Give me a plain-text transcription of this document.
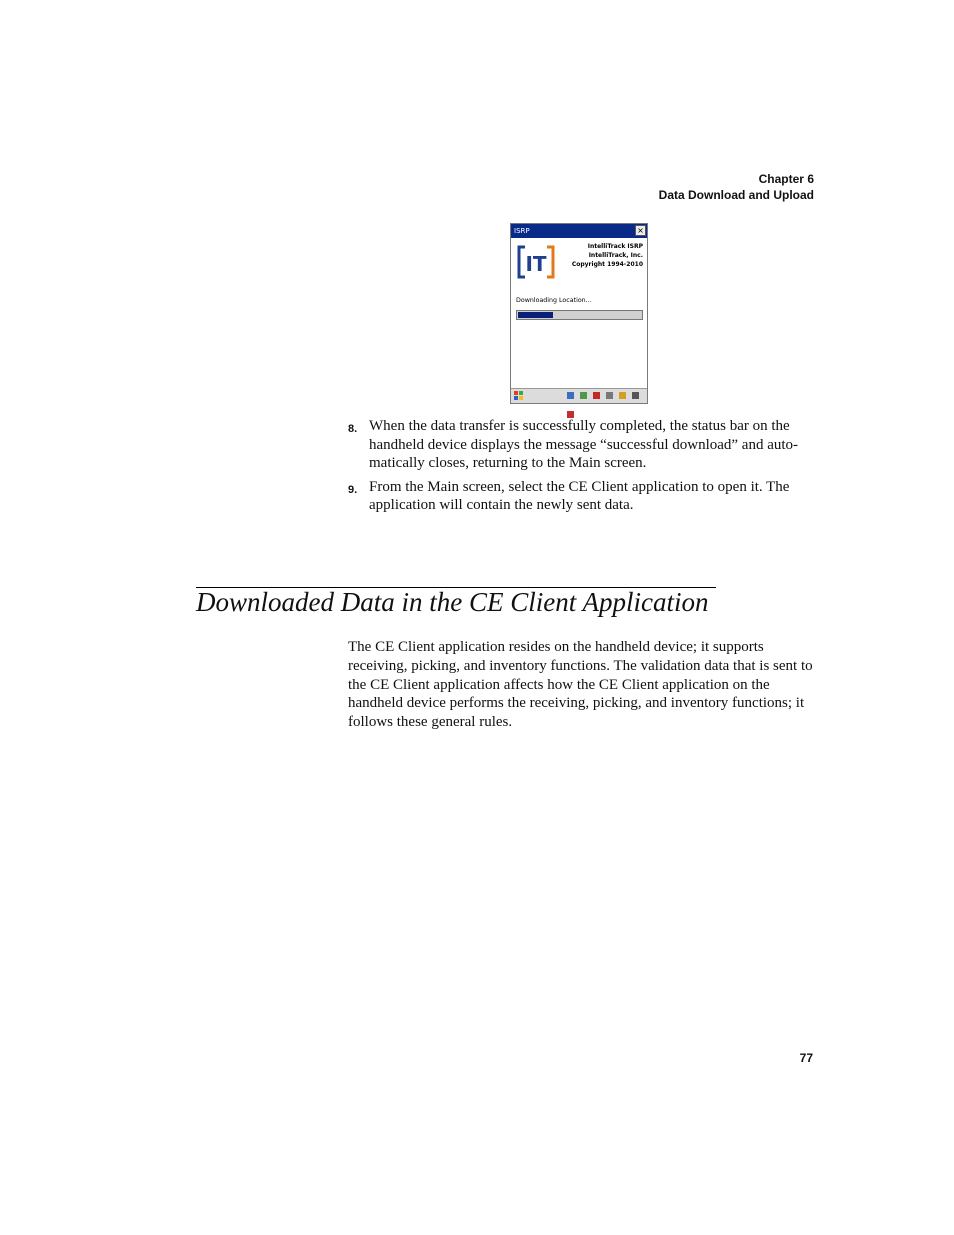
Chapter 6
Data Download and Upload
ISRP	×
IT
IntelliTrack ISRP
IntelliTrack, Inc.
Copyright 1994-2010
Downloading Location...

8. When the data transfer is successfully completed, the status bar on the handheld device displays the message “successful download” and auto-matically closes, returning to the Main screen.
9. From the Main screen, select the CE Client application to open it. The application will contain the newly sent data.
Downloaded Data in the CE Client Application

The CE Client application resides on the handheld device; it supports receiving, picking, and inventory functions. The validation data that is sent to the CE Client application affects how the CE Client application on the handheld device performs the receiving, picking, and inventory functions; it follows these general rules.

77
